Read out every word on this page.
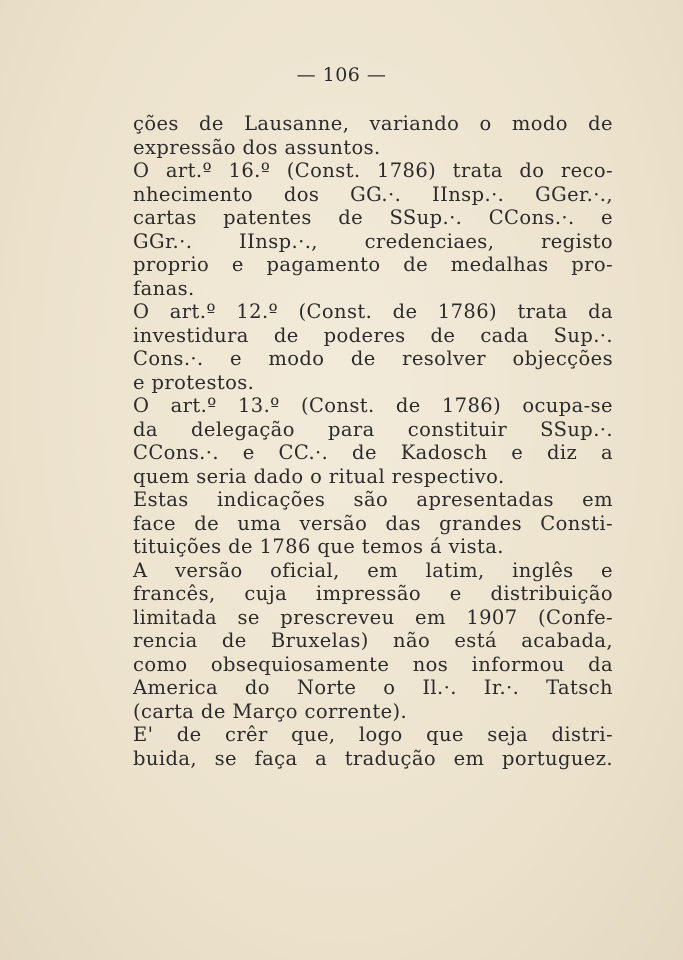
— 106 —
ções de Lausanne, variando o modo de
expressão dos assuntos.
O art.º 16.º (Const. 1786) trata do reco-
nhecimento dos GG.·. IInsp.·. GGer.·.,
cartas patentes de SSup.·. CCons.·. e
GGr.·. IInsp.·., credenciaes, registo
proprio e pagamento de medalhas pro-
fanas.
O art.º 12.º (Const. de 1786) trata da
investidura de poderes de cada Sup.·.
Cons.·. e modo de resolver objecções
e protestos.
O art.º 13.º (Const. de 1786) ocupa-se
da delegação para constituir SSup.·.
CCons.·. e CC.·. de Kadosch e diz a
quem seria dado o ritual respectivo.
Estas indicações são apresentadas em
face de uma versão das grandes Consti-
tituições de 1786 que temos á vista.
A versão oficial, em latim, inglês e
francês, cuja impressão e distribuição
limitada se prescreveu em 1907 (Confe-
rencia de Bruxelas) não está acabada,
como obsequiosamente nos informou da
America do Norte o Il.·. Ir.·. Tatsch
(carta de Março corrente).
E' de crêr que, logo que seja distri-
buida, se faça a tradução em portuguez.
